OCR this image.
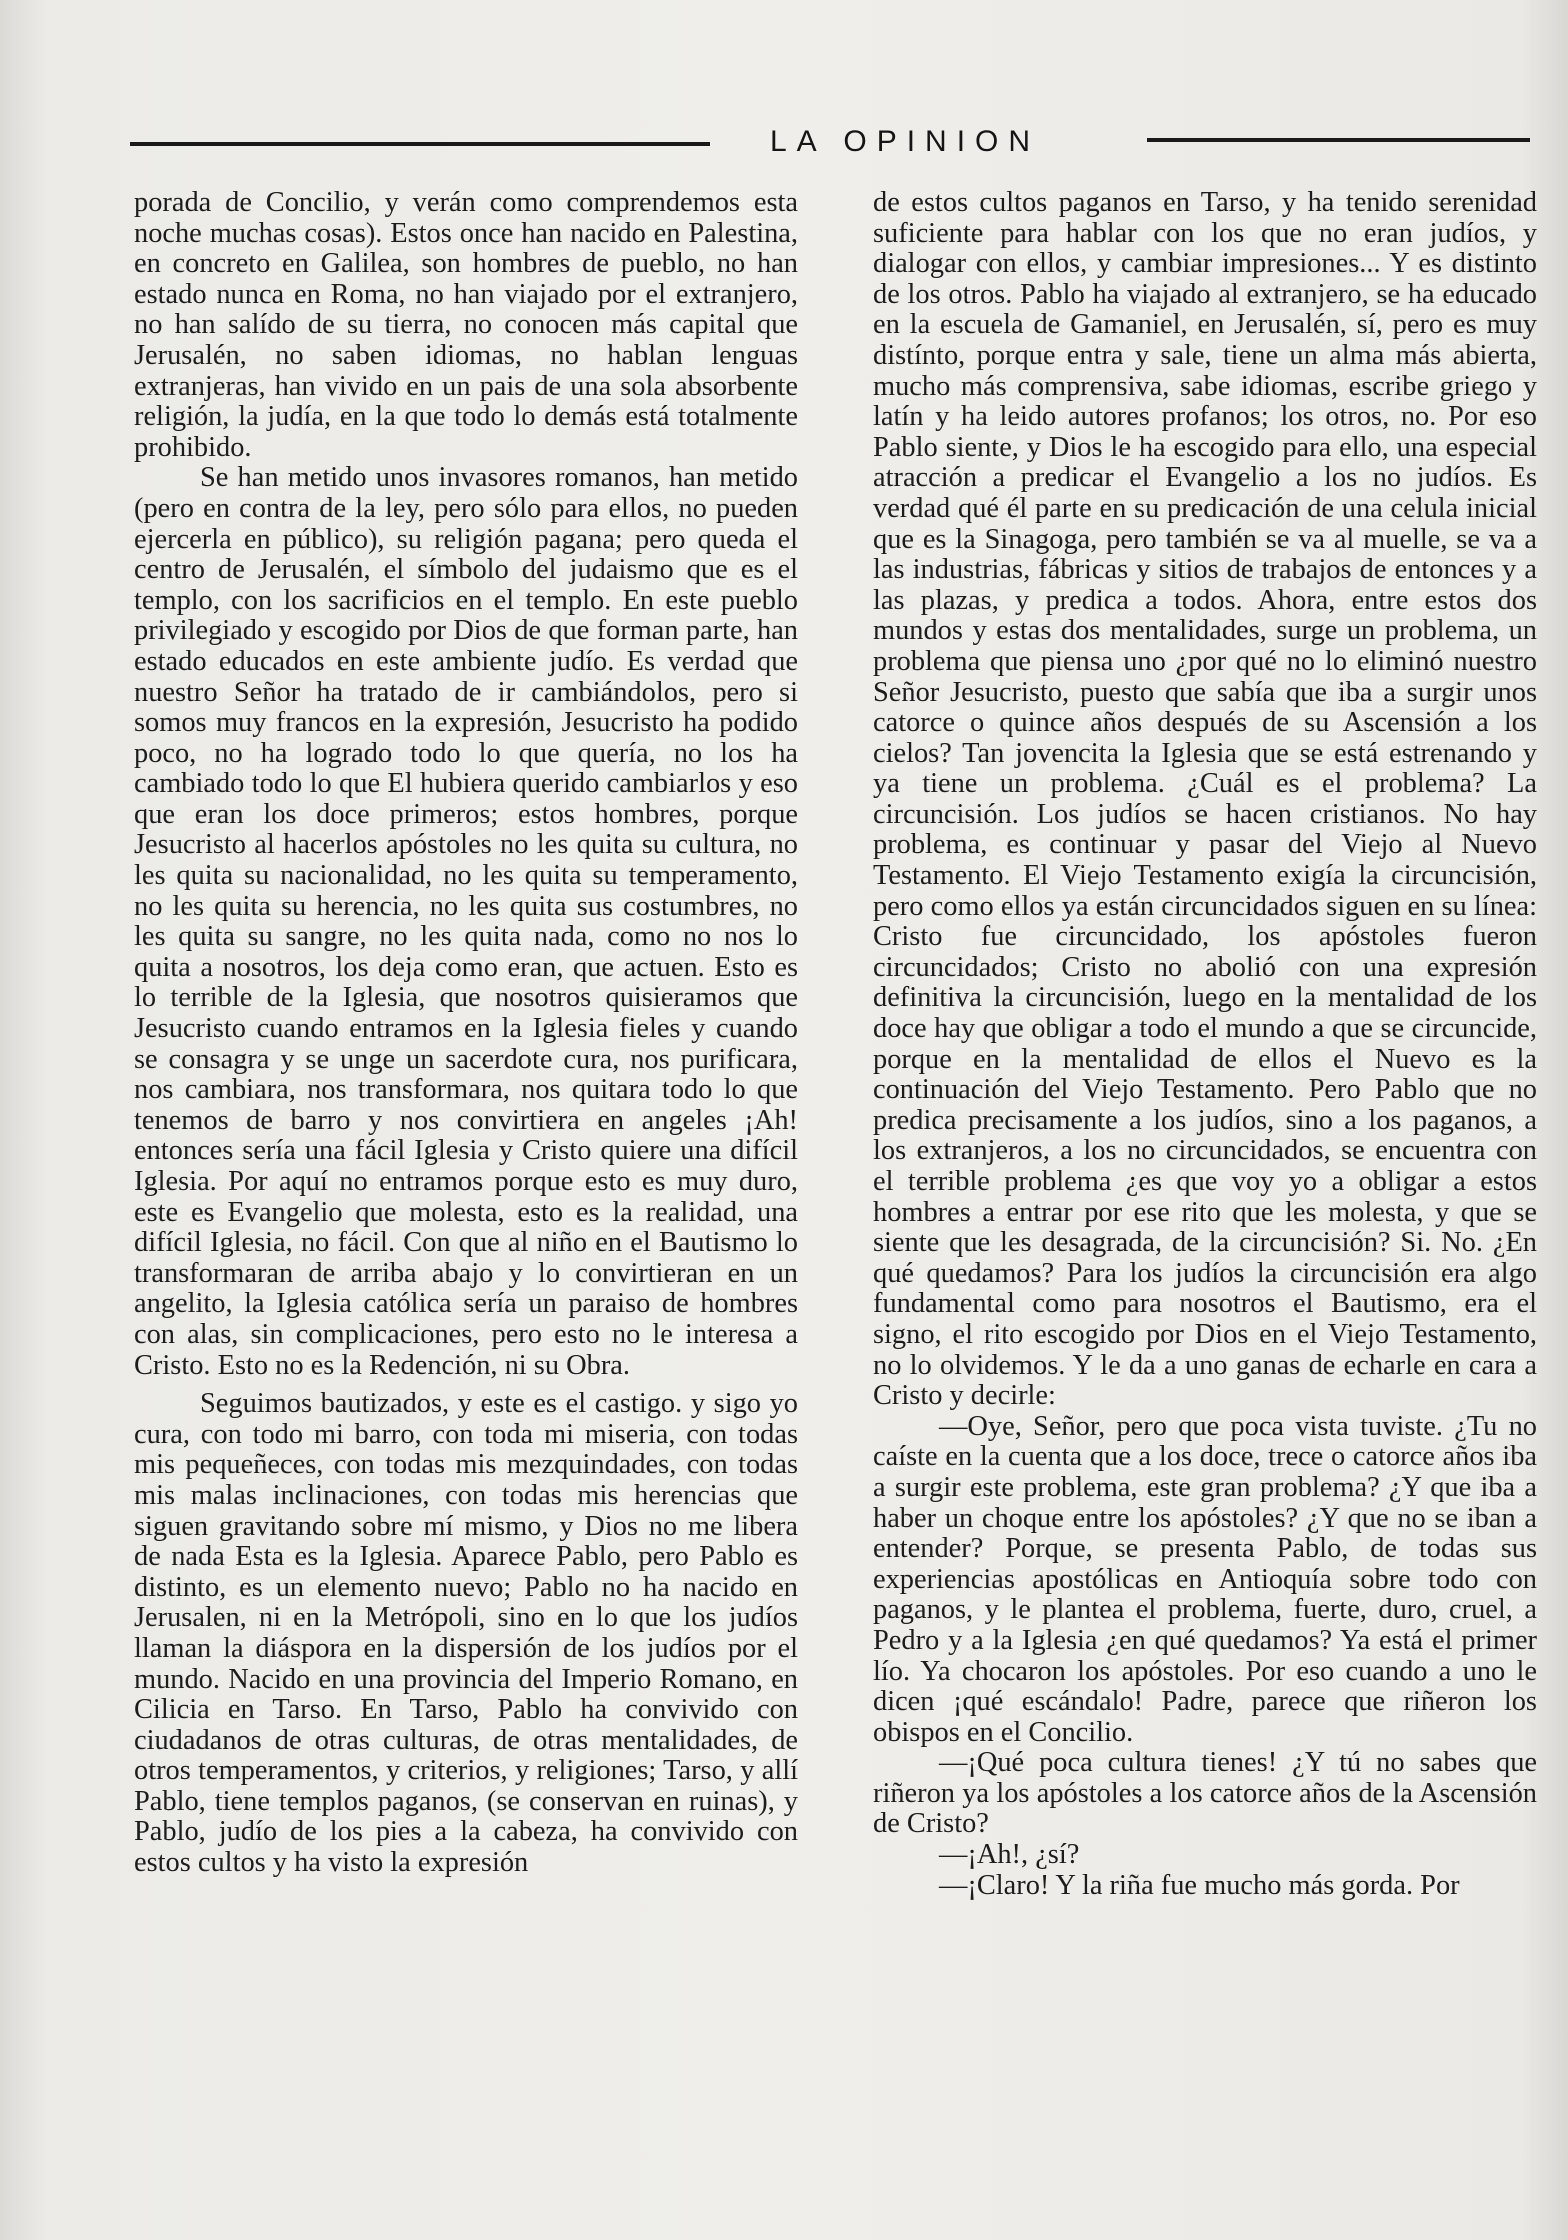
LA OPINION

porada de Concilio, y verán como comprendemos esta noche muchas cosas). Estos once han nacido en Palestina, en concreto en Galilea, son hombres de pueblo, no han estado nunca en Roma, no han viajado por el extranjero, no han salído de su tierra, no conocen más capital que Jerusalén, no saben idiomas, no hablan lenguas extranjeras, han vivido en un pais de una sola absorbente religión, la judía, en la que todo lo demás está totalmente prohibido.

Se han metido unos invasores romanos, han metido (pero en contra de la ley, pero sólo para ellos, no pueden ejercerla en público), su religión pagana; pero queda el centro de Jerusalén, el símbolo del judaismo que es el templo, con los sacrificios en el templo. En este pueblo privilegiado y escogido por Dios de que forman parte, han estado educados en este ambiente judío. Es verdad que nuestro Señor ha tratado de ir cambiándolos, pero si somos muy francos en la expresión, Jesucristo ha podido poco, no ha logrado todo lo que quería, no los ha cambiado todo lo que El hubiera querido cambiarlos y eso que eran los doce primeros; estos hombres, porque Jesucristo al hacerlos apóstoles no les quita su cultura, no les quita su nacionalidad, no les quita su temperamento, no les quita su herencia, no les quita sus costumbres, no les quita su sangre, no les quita nada, como no nos lo quita a nosotros, los deja como eran, que actuen. Esto es lo terrible de la Iglesia, que nosotros quisieramos que Jesucristo cuando entramos en la Iglesia fieles y cuando se consagra y se unge un sacerdote cura, nos purificara, nos cambiara, nos transformara, nos quitara todo lo que tenemos de barro y nos convirtiera en angeles ¡Ah! entonces sería una fácil Iglesia y Cristo quiere una difícil Iglesia. Por aquí no entramos porque esto es muy duro, este es Evangelio que molesta, esto es la realidad, una difícil Iglesia, no fácil. Con que al niño en el Bautismo lo transformaran de arriba abajo y lo convirtieran en un angelito, la Iglesia católica sería un paraiso de hombres con alas, sin complicaciones, pero esto no le interesa a Cristo. Esto no es la Redención, ni su Obra.

Seguimos bautizados, y este es el castigo. y sigo yo cura, con todo mi barro, con toda mi miseria, con todas mis pequeñeces, con todas mis mezquindades, con todas mis malas inclinaciones, con todas mis herencias que siguen gravitando sobre mí mismo, y Dios no me libera de nada Esta es la Iglesia. Aparece Pablo, pero Pablo es distinto, es un elemento nuevo; Pablo no ha nacido en Jerusalen, ni en la Metrópoli, sino en lo que los judíos llaman la diáspora en la dispersión de los judíos por el mundo. Nacido en una provincia del Imperio Romano, en Cilicia en Tarso. En Tarso, Pablo ha convivido con ciudadanos de otras culturas, de otras mentalidades, de otros temperamentos, y criterios, y religiones; Tarso, y allí Pablo, tiene templos paganos, (se conservan en ruinas), y Pablo, judío de los pies a la cabeza, ha convivido con estos cultos y ha visto la expresión

de estos cultos paganos en Tarso, y ha tenido serenidad suficiente para hablar con los que no eran judíos, y dialogar con ellos, y cambiar impresiones... Y es distinto de los otros. Pablo ha viajado al extranjero, se ha educado en la escuela de Gamaniel, en Jerusalén, sí, pero es muy distínto, porque entra y sale, tiene un alma más abierta, mucho más comprensiva, sabe idiomas, escribe griego y latín y ha leido autores profanos; los otros, no. Por eso Pablo siente, y Dios le ha escogido para ello, una especial atracción a predicar el Evangelio a los no judíos. Es verdad qué él parte en su predicación de una celula inicial que es la Sinagoga, pero también se va al muelle, se va a las industrias, fábricas y sitios de trabajos de entonces y a las plazas, y predica a todos. Ahora, entre estos dos mundos y estas dos mentalidades, surge un problema, un problema que piensa uno ¿por qué no lo eliminó nuestro Señor Jesucristo, puesto que sabía que iba a surgir unos catorce o quince años después de su Ascensión a los cielos? Tan jovencita la Iglesia que se está estrenando y ya tiene un problema. ¿Cuál es el problema? La circuncisión. Los judíos se hacen cristianos. No hay problema, es continuar y pasar del Viejo al Nuevo Testamento. El Viejo Testamento exigía la circuncisión, pero como ellos ya están circuncidados siguen en su línea: Cristo fue circuncidado, los apóstoles fueron circuncidados; Cristo no abolió con una expresión definitiva la circuncisión, luego en la mentalidad de los doce hay que obligar a todo el mundo a que se circuncide, porque en la mentalidad de ellos el Nuevo es la continuación del Viejo Testamento. Pero Pablo que no predica precisamente a los judíos, sino a los paganos, a los extranjeros, a los no circuncidados, se encuentra con el terrible problema ¿es que voy yo a obligar a estos hombres a entrar por ese rito que les molesta, y que se siente que les desagrada, de la circuncisión? Si. No. ¿En qué quedamos? Para los judíos la circuncisión era algo fundamental como para nosotros el Bautismo, era el signo, el rito escogido por Dios en el Viejo Testamento, no lo olvidemos. Y le da a uno ganas de echarle en cara a Cristo y decirle:

—Oye, Señor, pero que poca vista tuviste. ¿Tu no caíste en la cuenta que a los doce, trece o catorce años iba a surgir este problema, este gran problema? ¿Y que iba a haber un choque entre los apóstoles? ¿Y que no se iban a entender? Porque, se presenta Pablo, de todas sus experiencias apostólicas en Antioquía sobre todo con paganos, y le plantea el problema, fuerte, duro, cruel, a Pedro y a la Iglesia ¿en qué quedamos? Ya está el primer lío. Ya chocaron los apóstoles. Por eso cuando a uno le dicen ¡qué escándalo! Padre, parece que riñeron los obispos en el Concilio.

—¡Qué poca cultura tienes! ¿Y tú no sabes que riñeron ya los apóstoles a los catorce años de la Ascensión de Cristo?

—¡Ah!, ¿sí?

—¡Claro! Y la riña fue mucho más gorda. Por
